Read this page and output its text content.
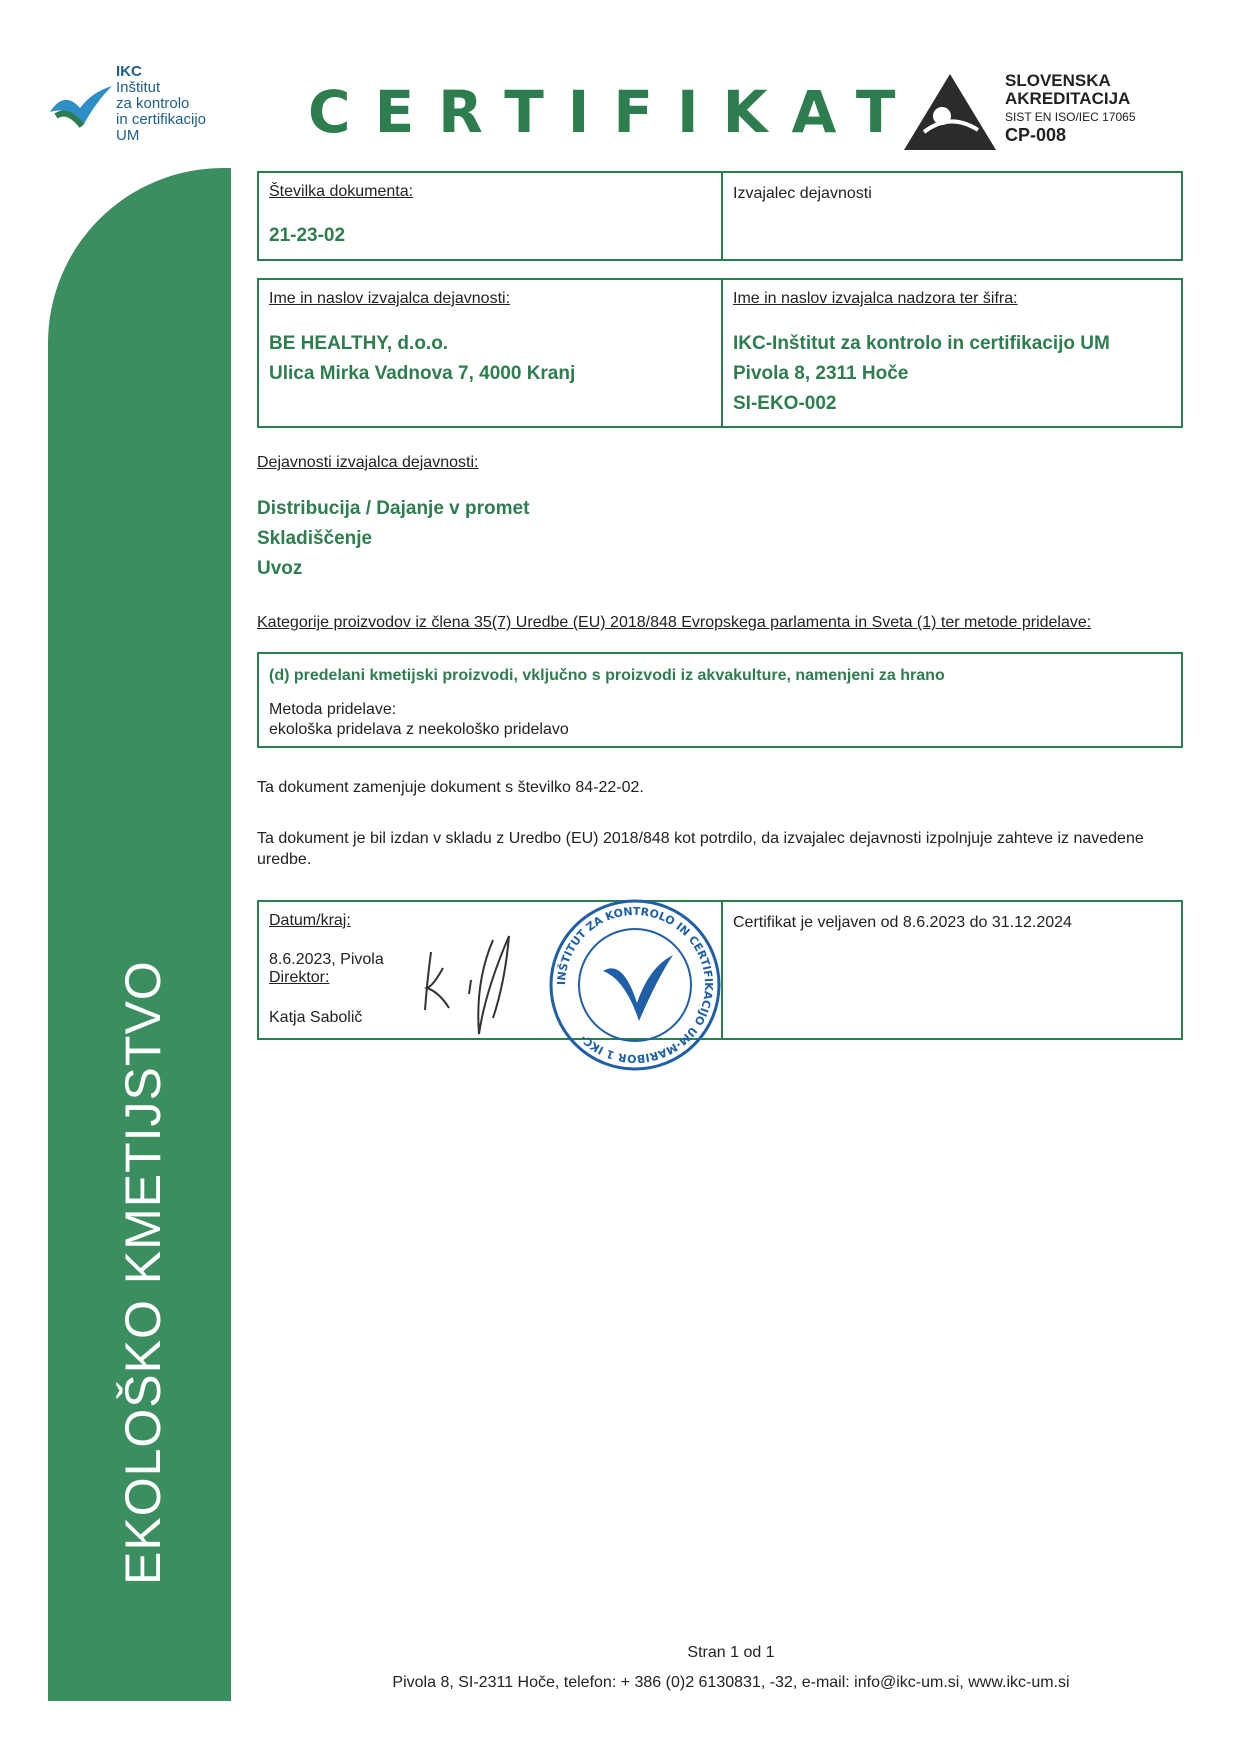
IKC
Inštitut
za kontrolo
in certifikacijo
UM	CERTIFIKAT	SLOVENSKA
AKREDITACIJA
SIST EN ISO/IEC 17065
CP-008
EKOLOŠKO KMETIJSTVO
Številka dokumenta:
21-23-02
Izvajalec dejavnosti
Ime in naslov izvajalca dejavnosti:
BE HEALTHY, d.o.o.
Ulica Mirka Vadnova 7, 4000 Kranj
Ime in naslov izvajalca nadzora ter šifra:
IKC-Inštitut za kontrolo in certifikacijo UM
Pivola 8, 2311 Hoče
SI-EKO-002
Dejavnosti izvajalca dejavnosti:
Distribucija / Dajanje v promet
Skladiščenje
Uvoz
Kategorije proizvodov iz člena 35(7) Uredbe (EU) 2018/848 Evropskega parlamenta in Sveta (1) ter metode pridelave:
(d) predelani kmetijski proizvodi, vključno s proizvodi iz akvakulture, namenjeni za hrano
Metoda pridelave:
ekološka pridelava z neekološko pridelavo
Ta dokument zamenjuje dokument s številko 84-22-02.
Ta dokument je bil izdan v skladu z Uredbo (EU) 2018/848 kot potrdilo, da izvajalec dejavnosti izpolnjuje zahteve iz navedene uredbe.
Datum/kraj:
8.6.2023, Pivola
Direktor:
Katja Sabolič
Certifikat je veljaven od 8.6.2023 do 31.12.2024
INŠTITUT ZA KONTROLO IN CERTIFIKACIJO UM·MARIBOR 1 IKC·
Stran 1 od 1
Pivola 8, SI-2311 Hoče, telefon: + 386 (0)2 6130831, -32, e-mail: info@ikc-um.si, www.ikc-um.si
